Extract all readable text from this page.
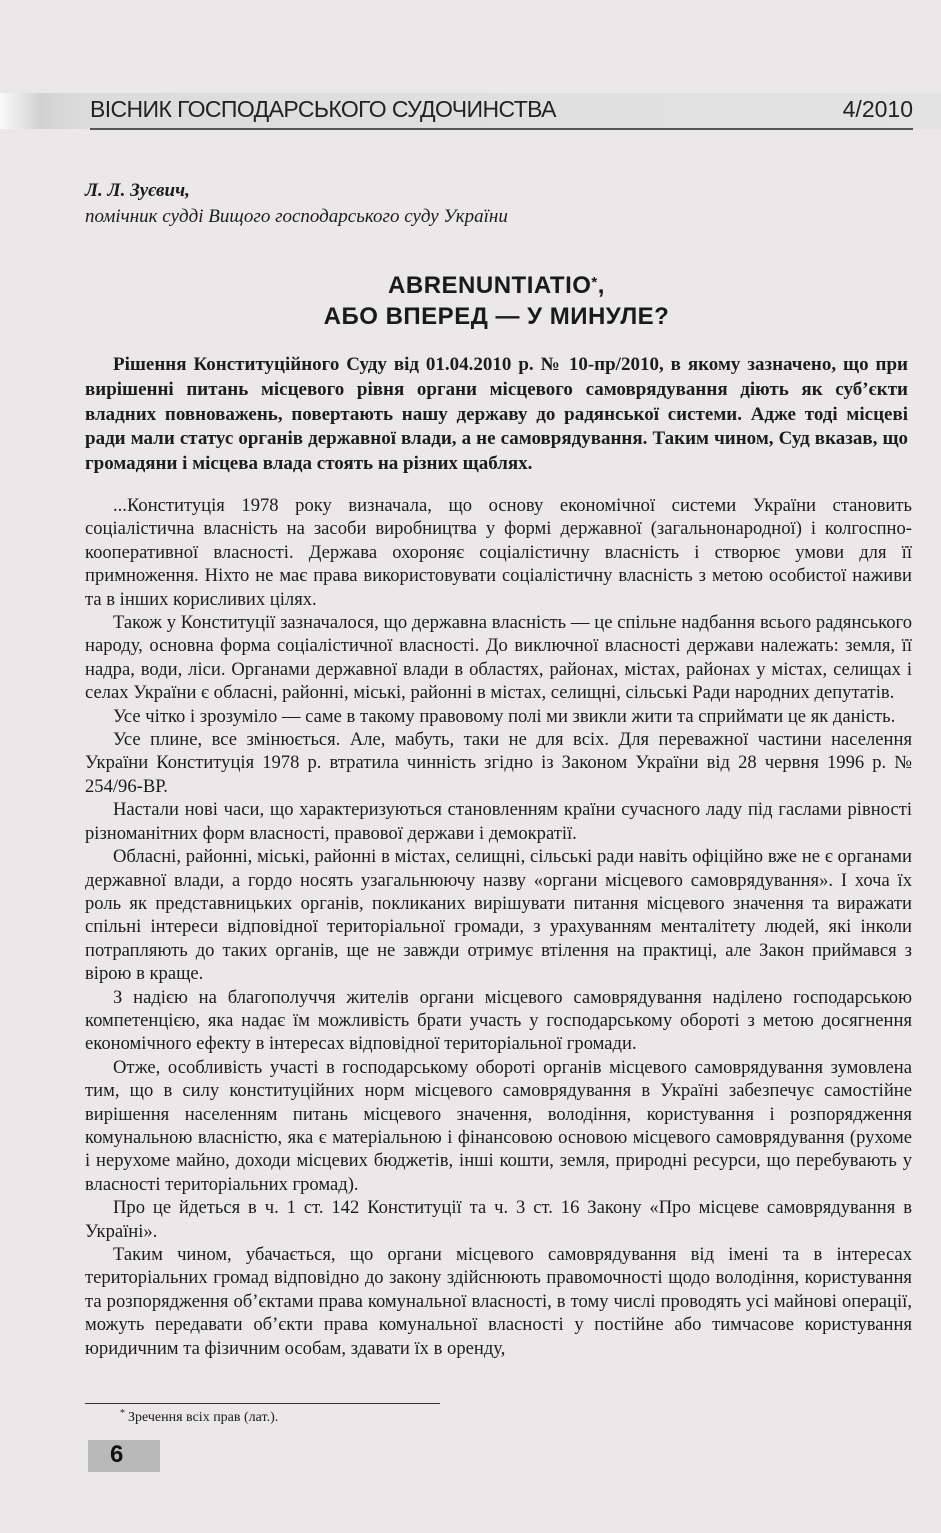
ВІСНИК ГОСПОДАРСЬКОГО СУДОЧИНСТВА	4/2010
Л. Л. Зуєвич,
помічник судді Вищого господарського суду України
ABRENUNTIATIO*,
АБО ВПЕРЕД — У МИНУЛЕ?

Рішення Конституційного Суду від 01.04.2010 р. № 10-пр/2010, в якому зазначено, що при вирішенні питань місцевого рівня органи місцевого самоврядування діють як суб’єкти владних повноважень, повертають нашу державу до радянської системи. Адже тоді місцеві ради мали статус органів державної влади, а не самоврядування. Таким чином, Суд вказав, що громадяни і місцева влада стоять на різних щаблях.

...Конституція 1978 року визначала, що основу економічної системи України становить соціалістична власність на засоби виробництва у формі державної (загальнонародної) і колгоспно-кооперативної власності. Держава охороняє соціалістичну власність і створює умови для її примноження. Ніхто не має права використовувати соціалістичну власність з метою особистої наживи та в інших корисливих цілях.

Також у Конституції зазначалося, що державна власність — це спільне надбання всього радянського народу, основна форма соціалістичної власності. До виключної власності держави належать: земля, її надра, води, ліси. Органами державної влади в областях, районах, містах, районах у містах, селищах і селах України є обласні, районні, міські, районні в містах, селищні, сільські Ради народних депутатів.

Усе чітко і зрозуміло — саме в такому правовому полі ми звикли жити та сприймати це як даність.

Усе плине, все змінюється. Але, мабуть, таки не для всіх. Для переважної частини населення України Конституція 1978 р. втратила чинність згідно із Законом України від 28 червня 1996 р. № 254/96-ВР.

Настали нові часи, що характеризуються становленням країни сучасного ладу під гаслами рівності різноманітних форм власності, правової держави і демократії.

Обласні, районні, міські, районні в містах, селищні, сільські ради навіть офіційно вже не є органами державної влади, а гордо носять узагальнюючу назву «органи місцевого самоврядування». І хоча їх роль як представницьких органів, покликаних вирішувати питання місцевого значення та виражати спільні інтереси відповідної територіальної громади, з урахуванням менталітету людей, які інколи потрапляють до таких органів, ще не завжди отримує втілення на практиці, але Закон приймався з вірою в краще.

З надією на благополуччя жителів органи місцевого самоврядування наділено господарською компетенцією, яка надає їм можливість брати участь у господарському обороті з метою досягнення економічного ефекту в інтересах відповідної територіальної громади.

Отже, особливість участі в господарському обороті органів місцевого самоврядування зумовлена тим, що в силу конституційних норм місцевого самоврядування в Україні забезпечує самостійне вирішення населенням питань місцевого значення, володіння, користування і розпорядження комунальною власністю, яка є матеріальною і фінансовою основою місцевого самоврядування (рухоме і нерухоме майно, доходи місцевих бюджетів, інші кошти, земля, природні ресурси, що перебувають у власності територіальних громад).

Про це йдеться в ч. 1 ст. 142 Конституції та ч. 3 ст. 16 Закону «Про місцеве самоврядування в Україні».

Таким чином, убачається, що органи місцевого самоврядування від імені та в інтересах територіальних громад відповідно до закону здійснюють правомочності щодо володіння, користування та розпорядження об’єктами права комунальної власності, в тому числі проводять усі майнові операції, можуть передавати об’єкти права комунальної власності у постійне або тимчасове користування юридичним та фізичним особам, здавати їх в оренду,

* Зречення всіх прав (лат.).
6
